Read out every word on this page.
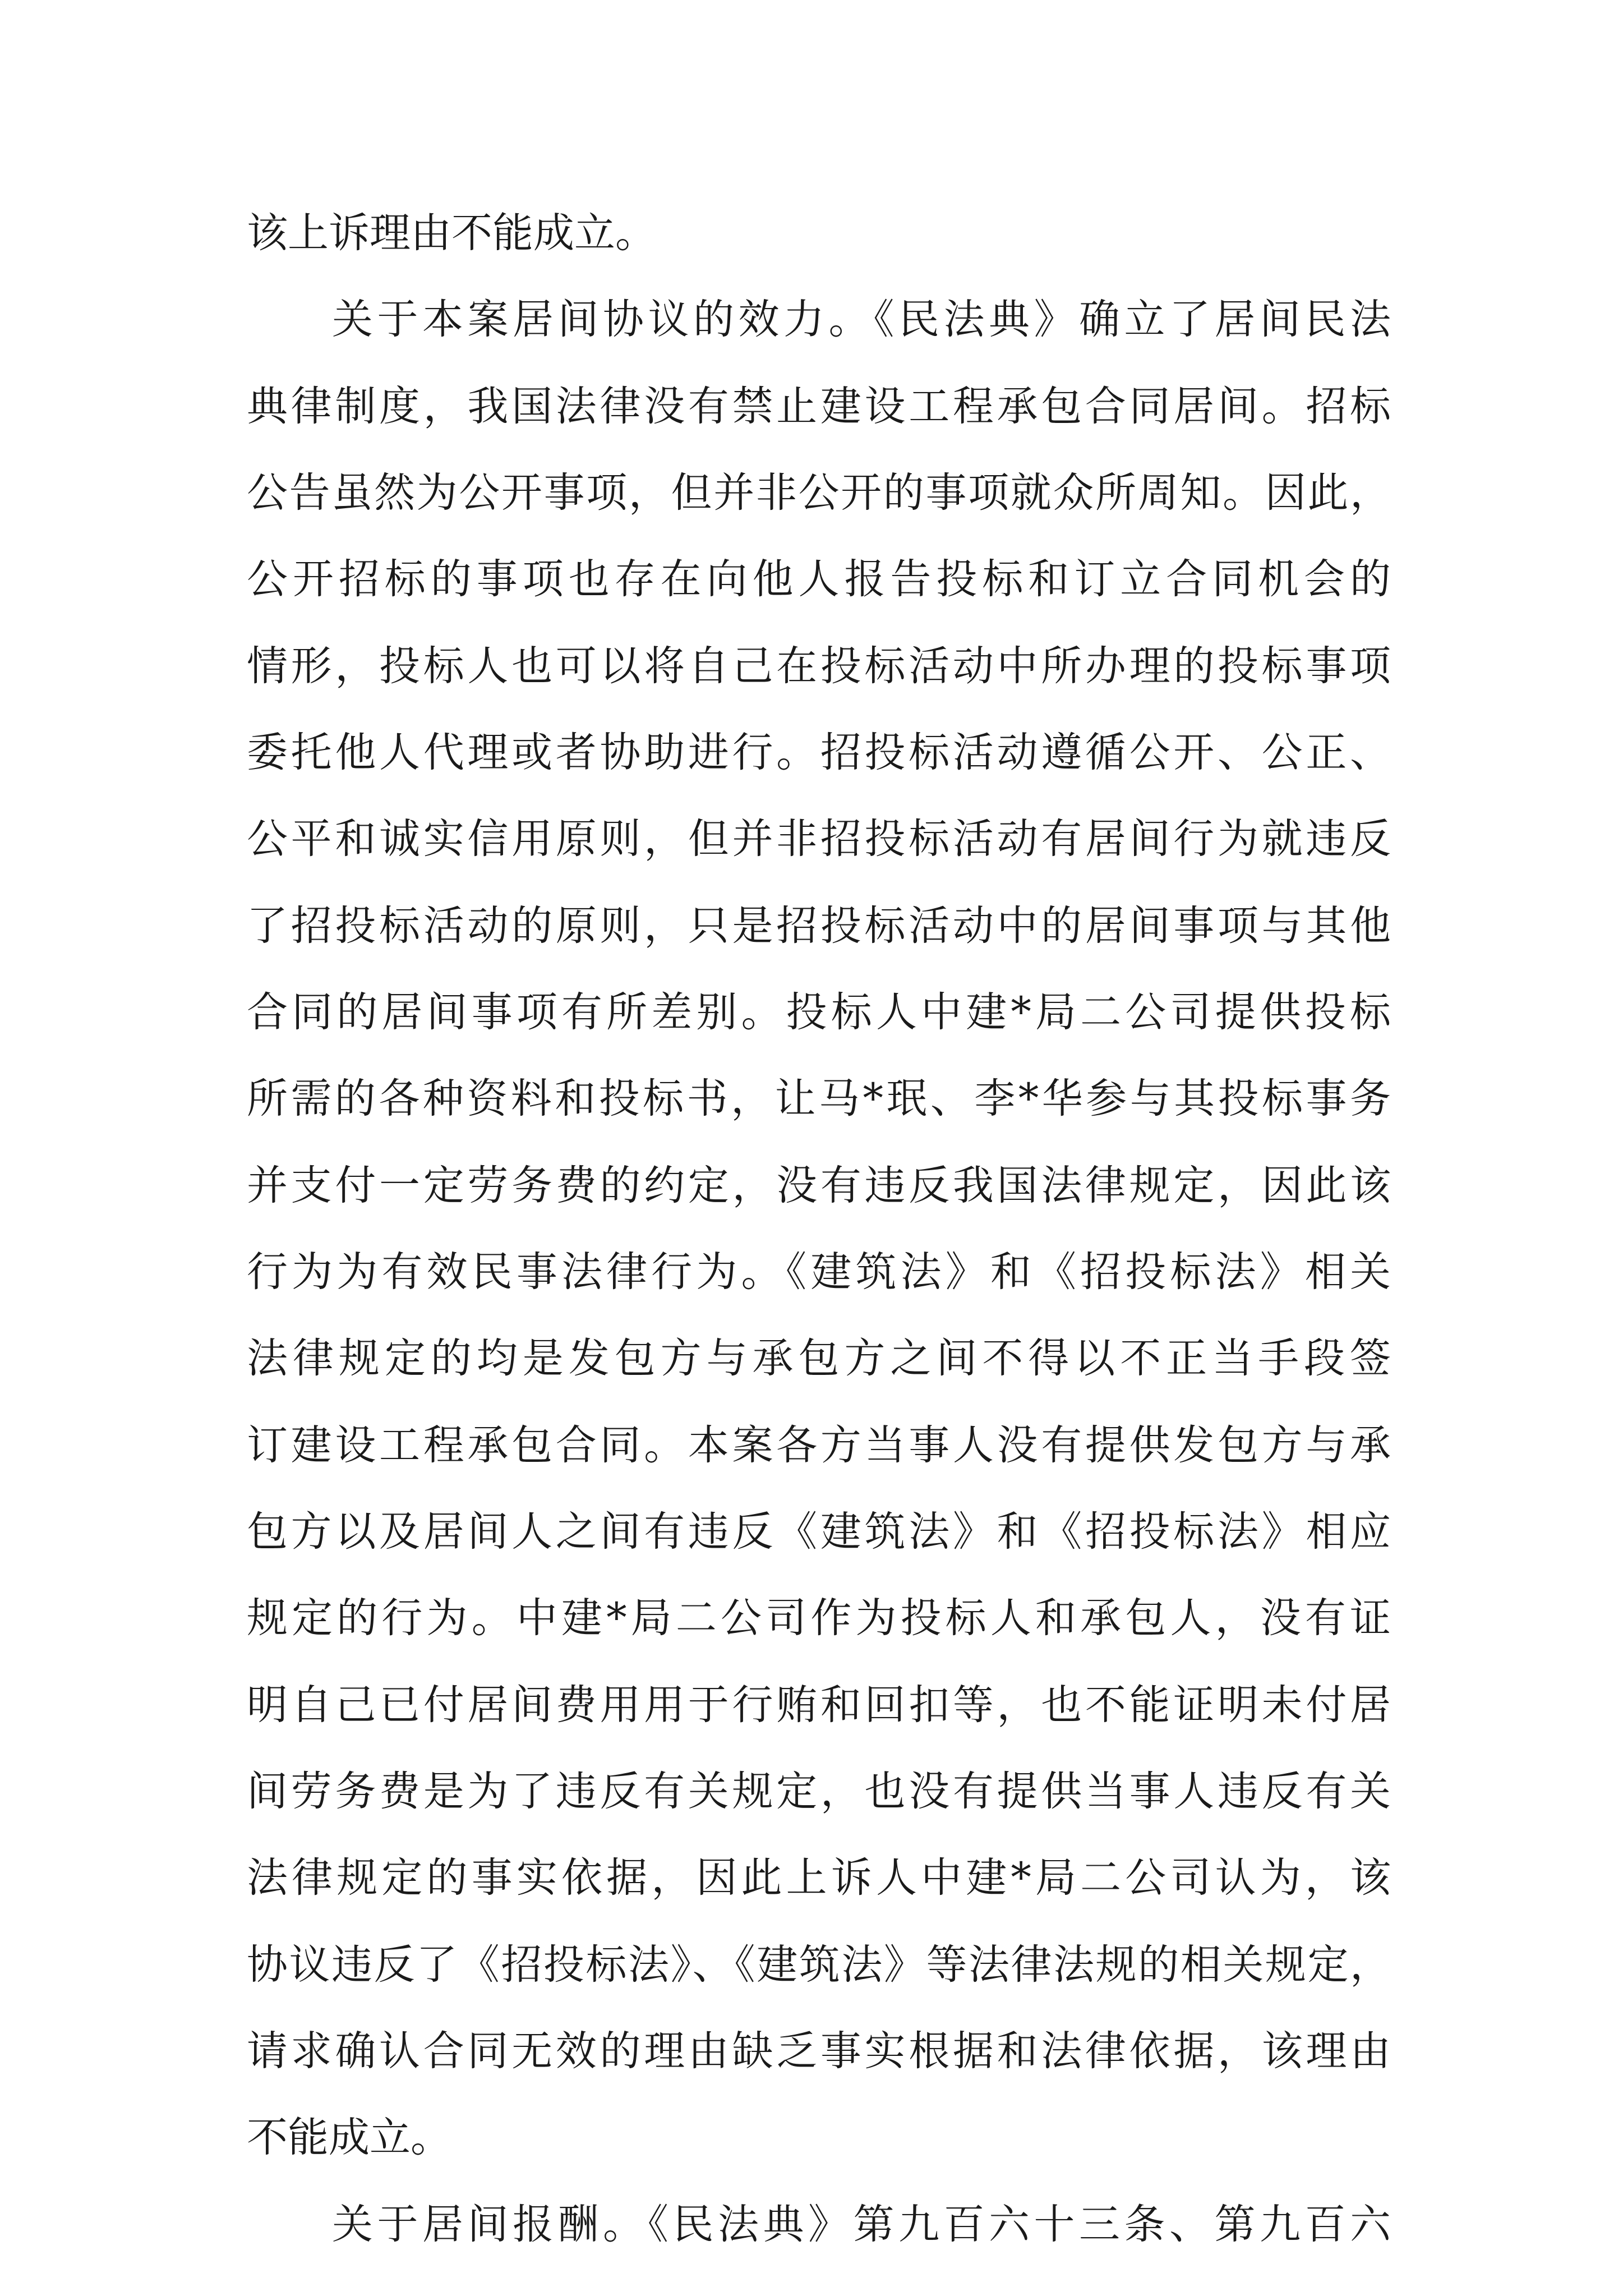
该上诉理由不能成立。
关于本案居间协议的效力。《民法典》确立了居间民法
典律制度，我国法律没有禁止建设工程承包合同居间。招标
公告虽然为公开事项，但并非公开的事项就众所周知。因此，
公开招标的事项也存在向他人报告投标和订立合同机会的
情形，投标人也可以将自己在投标活动中所办理的投标事项
委托他人代理或者协助进行。招投标活动遵循公开、公正、
公平和诚实信用原则，但并非招投标活动有居间行为就违反
了招投标活动的原则，只是招投标活动中的居间事项与其他
合同的居间事项有所差别。投标人中建*局二公司提供投标
所需的各种资料和投标书，让马*珉、李*华参与其投标事务
并支付一定劳务费的约定，没有违反我国法律规定，因此该
行为为有效民事法律行为。《建筑法》和《招投标法》相关
法律规定的均是发包方与承包方之间不得以不正当手段签
订建设工程承包合同。本案各方当事人没有提供发包方与承
包方以及居间人之间有违反《建筑法》和《招投标法》相应
规定的行为。中建*局二公司作为投标人和承包人，没有证
明自己已付居间费用用于行贿和回扣等，也不能证明未付居
间劳务费是为了违反有关规定，也没有提供当事人违反有关
法律规定的事实依据，因此上诉人中建*局二公司认为，该
协议违反了《招投标法》、《建筑法》等法律法规的相关规定，
请求确认合同无效的理由缺乏事实根据和法律依据，该理由
不能成立。
关于居间报酬。《民法典》第九百六十三条、第九百六
